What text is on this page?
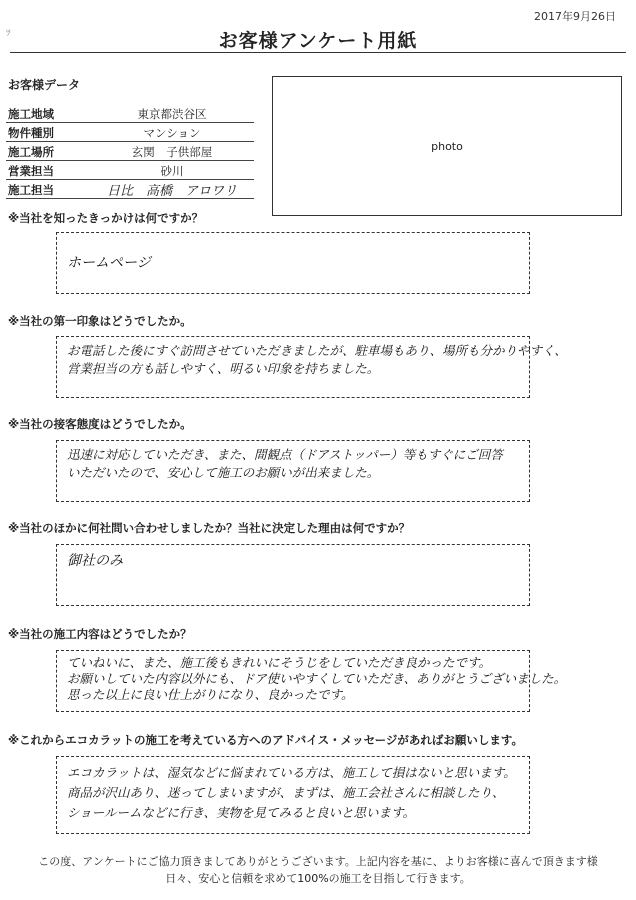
ﾂ
2017年9月26日
お客様アンケート用紙
お客様データ
施工地域	東京都渋谷区
物件種別	マンション
施工場所	玄関　子供部屋
営業担当	砂川
施工担当	日比　高橋　アロワリ
photo
※当社を知ったきっかけは何ですか？
ホームページ
※当社の第一印象はどうでしたか。
お電話した後にすぐ訪問させていただきましたが、駐車場もあり、場所も分かりやすく、
営業担当の方も話しやすく、明るい印象を持ちました。
※当社の接客態度はどうでしたか。
迅速に対応していただき、また、間観点（ドアストッパー）等もすぐにご回答
いただいたので、安心して施工のお願いが出来ました。
※当社のほかに何社問い合わせしましたか？当社に決定した理由は何ですか？
御社のみ
※当社の施工内容はどうでしたか？
ていねいに、また、施工後もきれいにそうじをしていただき良かったです。
お願いしていた内容以外にも、ドア使いやすくしていただき、ありがとうございました。
思った以上に良い仕上がりになり、良かったです。
※これからエコカラットの施工を考えている方へのアドバイス・メッセージがあればお願いします。
エコカラットは、湿気などに悩まれている方は、施工して損はないと思います。
商品が沢山あり、迷ってしまいますが、まずは、施工会社さんに相談したり、
ショールームなどに行き、実物を見てみると良いと思います。
この度、アンケートにご協力頂きましてありがとうございます。上記内容を基に、よりお客様に喜んで頂きます様
日々、安心と信頼を求めて100%の施工を目指して行きます。
